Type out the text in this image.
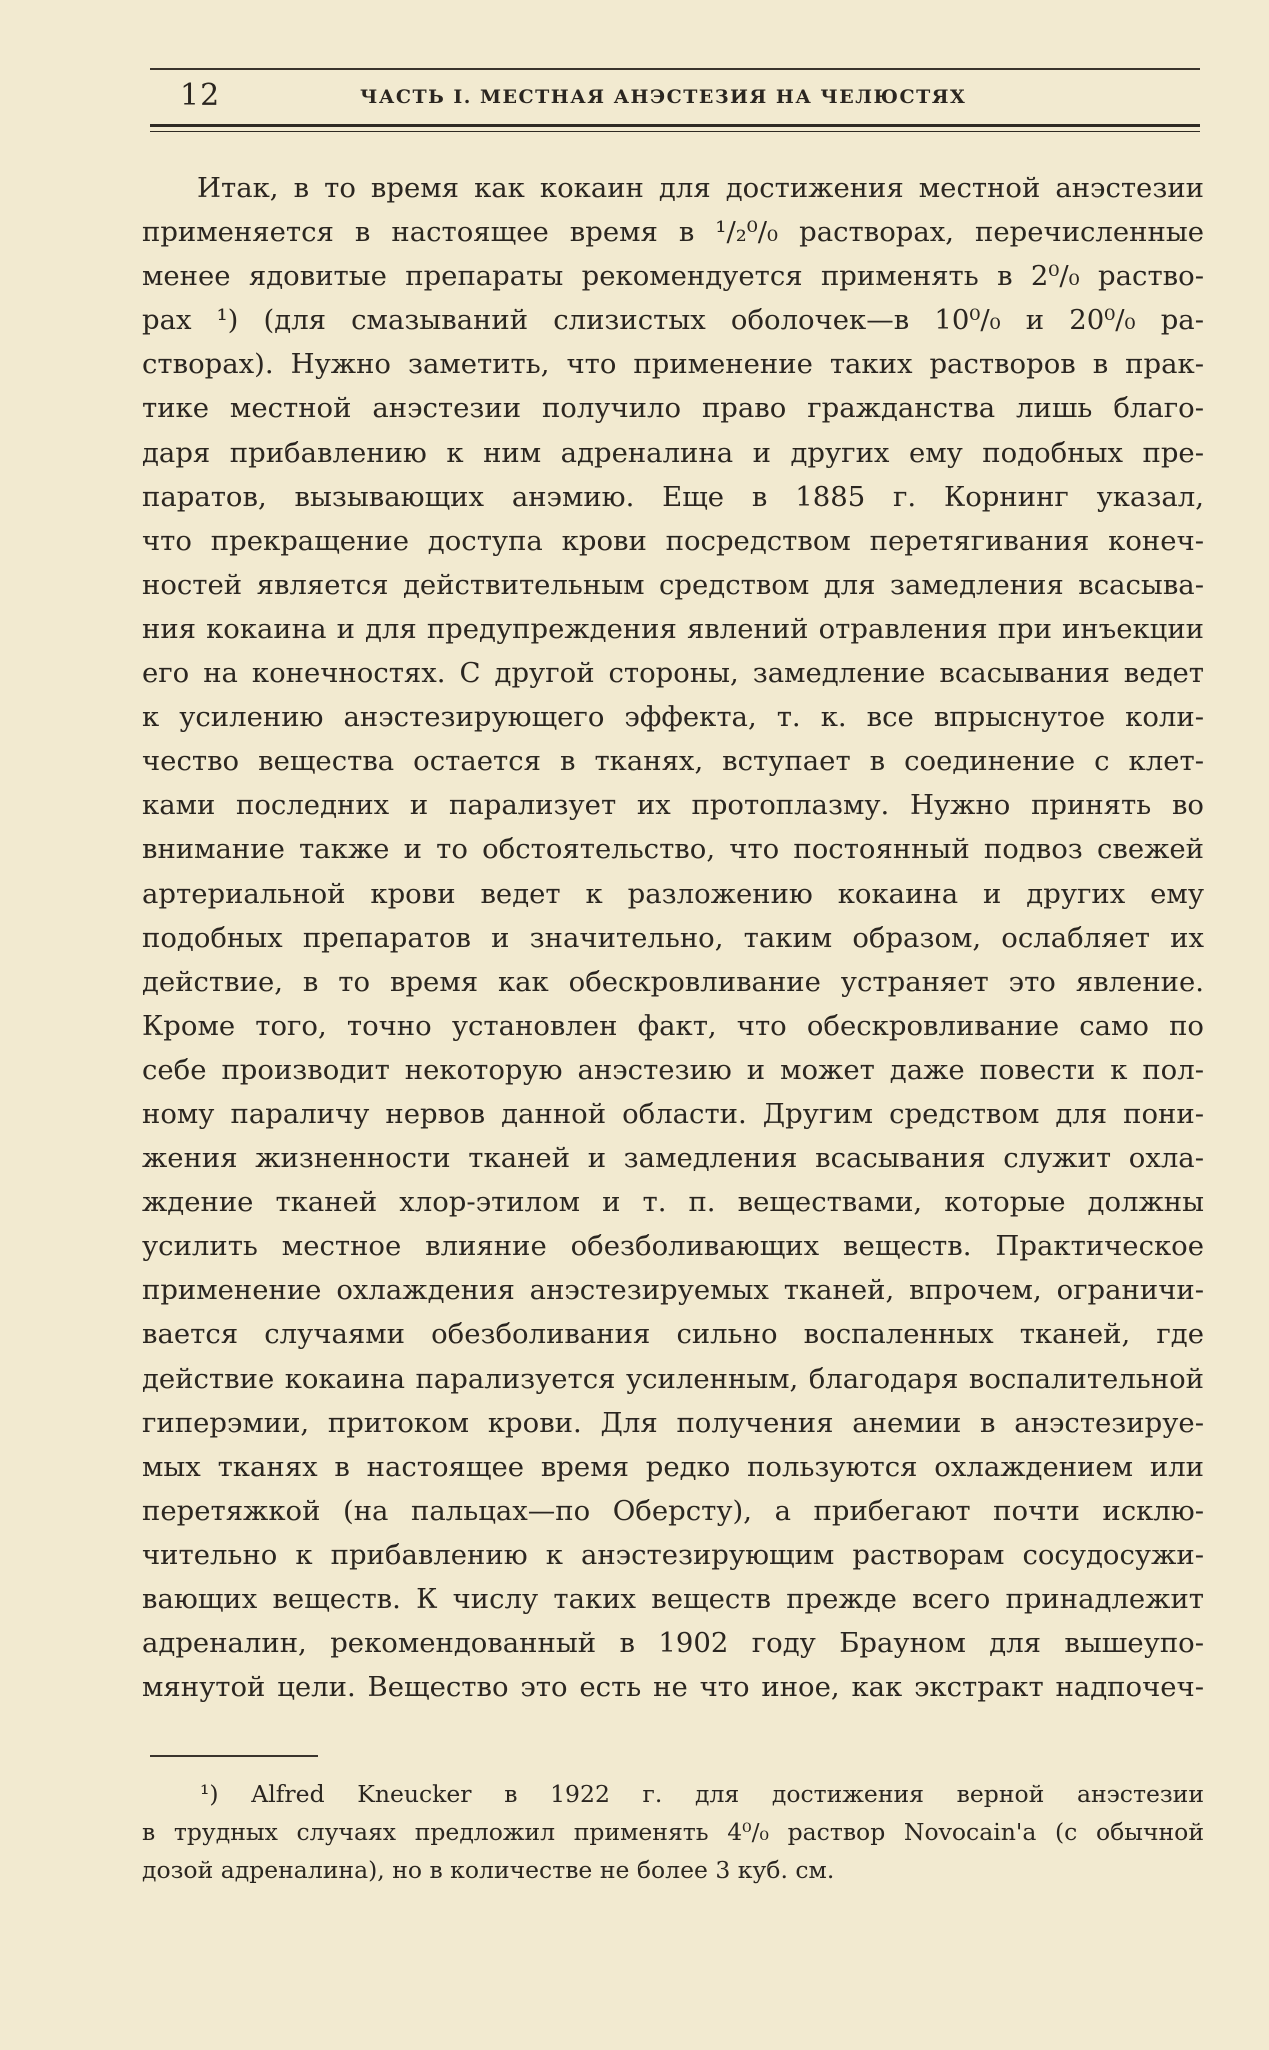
12	ЧАСТЬ I. МЕСТНАЯ АНЭСТЕЗИЯ НА ЧЕЛЮСТЯХ
Итак, в то время как кокаин для достижения местной анэстезии
применяется в настоящее время в ¹/₂⁰/₀ растворах, перечисленные
менее ядовитые препараты рекомендуется применять в 2⁰/₀ раство-
рах ¹) (для смазываний слизистых оболочек—в 10⁰/₀ и 20⁰/₀ ра-
створах). Нужно заметить, что применение таких растворов в прак-
тике местной анэстезии получило право гражданства лишь благо-
даря прибавлению к ним адреналина и других ему подобных пре-
паратов, вызывающих анэмию. Еще в 1885 г. Корнинг указал,
что прекращение доступа крови посредством перетягивания конеч-
ностей является действительным средством для замедления всасыва-
ния кокаина и для предупреждения явлений отравления при инъекции
его на конечностях. С другой стороны, замедление всасывания ведет
к усилению анэстезирующего эффекта, т. к. все впрыснутое коли-
чество вещества остается в тканях, вступает в соединение с клет-
ками последних и парализует их протоплазму. Нужно принять во
внимание также и то обстоятельство, что постоянный подвоз свежей
артериальной крови ведет к разложению кокаина и других ему
подобных препаратов и значительно, таким образом, ослабляет их
действие, в то время как обескровливание устраняет это явление.
Кроме того, точно установлен факт, что обескровливание само по
себе производит некоторую анэстезию и может даже повести к пол-
ному параличу нервов данной области. Другим средством для пони-
жения жизненности тканей и замедления всасывания служит охла-
ждение тканей хлор-этилом и т. п. веществами, которые должны
усилить местное влияние обезболивающих веществ. Практическое
применение охлаждения анэстезируемых тканей, впрочем, ограничи-
вается случаями обезболивания сильно воспаленных тканей, где
действие кокаина парализуется усиленным, благодаря воспалительной
гиперэмии, притоком крови. Для получения анемии в анэстезируе-
мых тканях в настоящее время редко пользуются охлаждением или
перетяжкой (на пальцах—по Оберсту), а прибегают почти исклю-
чительно к прибавлению к анэстезирующим растворам сосудосужи-
вающих веществ. К числу таких веществ прежде всего принадлежит
адреналин, рекомендованный в 1902 году Брауном для вышеупо-
мянутой цели. Вещество это есть не что иное, как экстракт надпочеч-
¹) Alfred Kneucker в 1922 г. для достижения верной анэстезии
в трудных случаях предложил применять 4⁰/₀ раствор Novocain'a (с обычной
дозой адреналина), но в количестве не более 3 куб. см.
